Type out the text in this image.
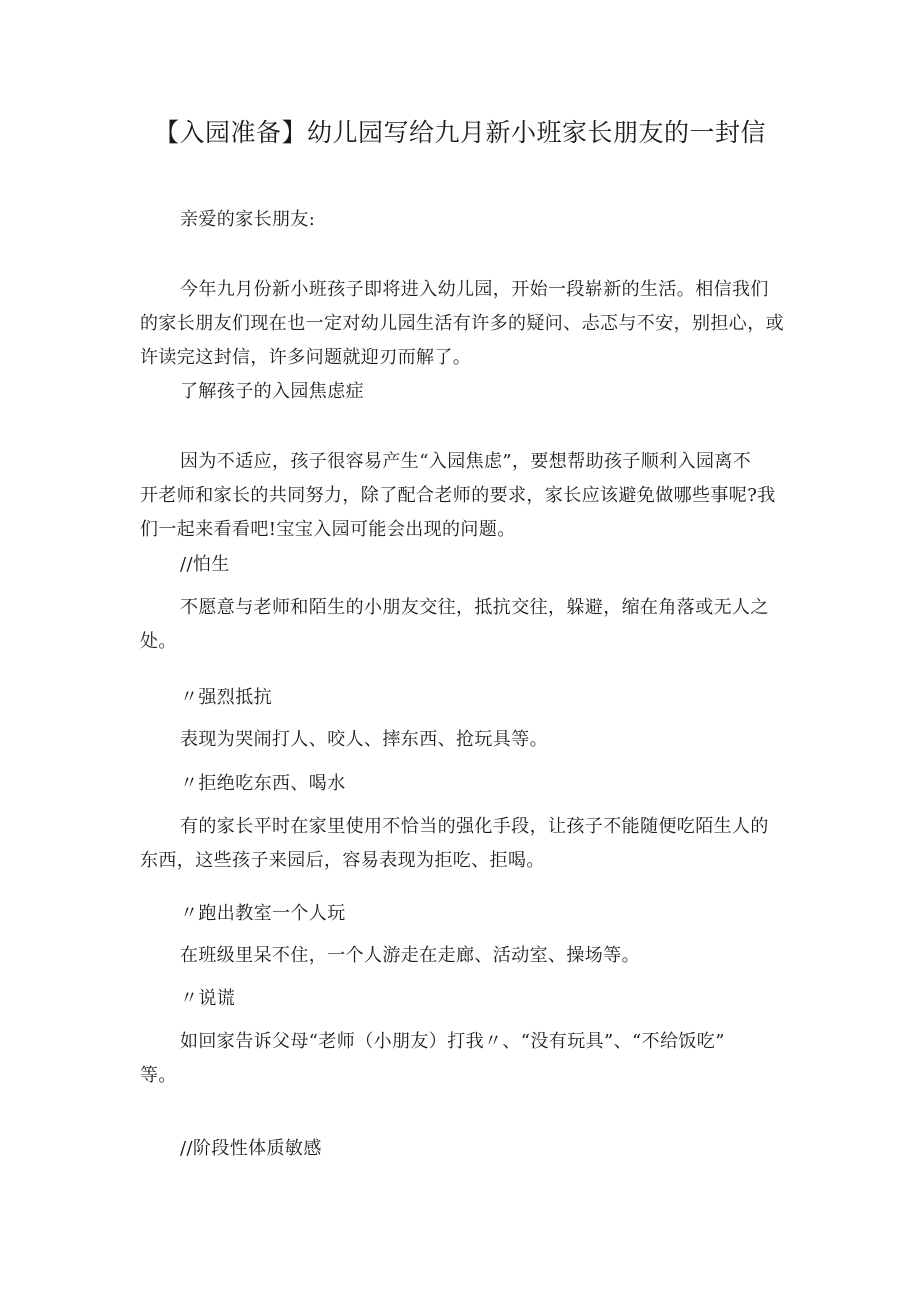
【入园准备】幼儿园写给九月新小班家长朋友的一封信

亲爱的家长朋友:

今年九月份新小班孩子即将进入幼儿园，开始一段崭新的生活。相信我们
的家长朋友们现在也一定对幼儿园生活有许多的疑问、忐忑与不安，别担心，或
许读完这封信，许多问题就迎刃而解了。

了解孩子的入园焦虑症

因为不适应，孩子很容易产生“入园焦虑”，要想帮助孩子顺利入园离不
开老师和家长的共同努力，除了配合老师的要求，家长应该避免做哪些事呢?我
们一起来看看吧!宝宝入园可能会出现的问题。

//怕生

不愿意与老师和陌生的小朋友交往，抵抗交往，躲避，缩在角落或无人之
处。

〃强烈抵抗

表现为哭闹打人、咬人、摔东西、抢玩具等。

〃拒绝吃东西、喝水

有的家长平时在家里使用不恰当的强化手段，让孩子不能随便吃陌生人的
东西，这些孩子来园后，容易表现为拒吃、拒喝。

〃跑出教室一个人玩

在班级里呆不住，一个人游走在走廊、活动室、操场等。

〃说谎

如回家告诉父母“老师（小朋友）打我〃、“没有玩具”、“不给饭吃”
等。

//阶段性体质敏感
